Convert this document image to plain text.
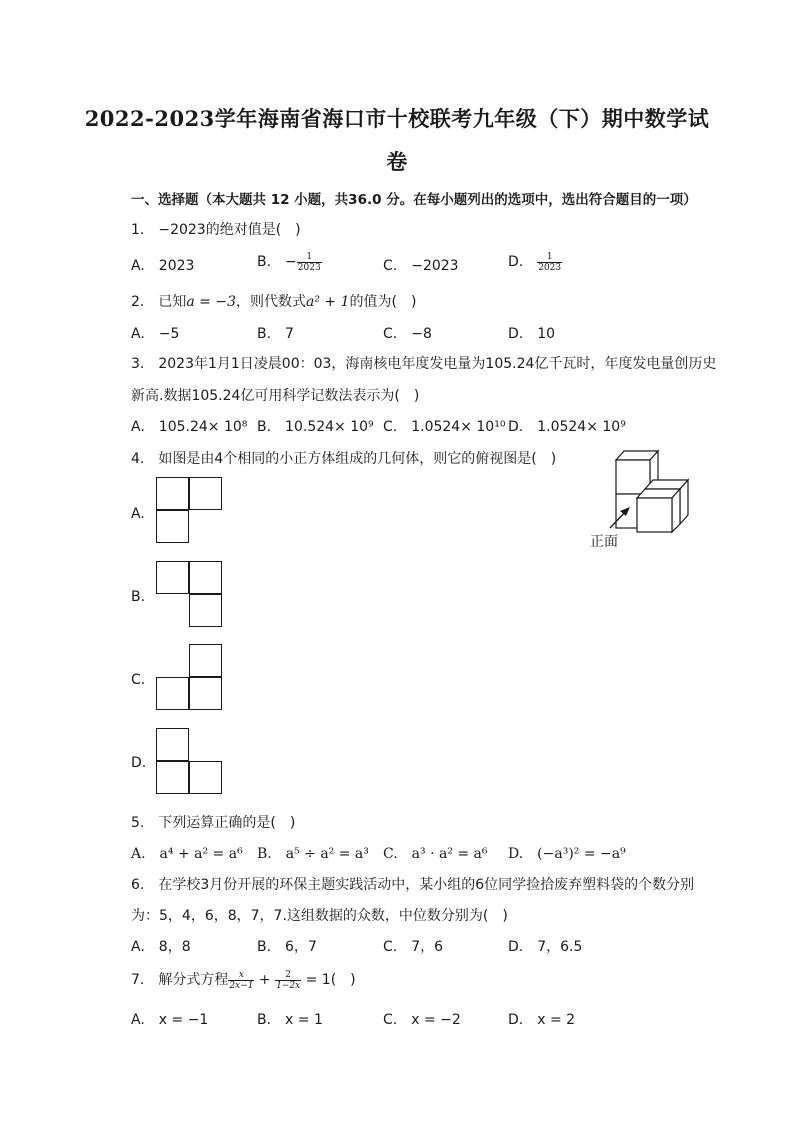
2022-2023学年海南省海口市十校联考九年级（下）期中数学试
卷
一、选择题（本大题共 12 小题，共36.0 分。在每小题列出的选项中，选出符合题目的一项）
1.　−2023的绝对值是(　)
A.　2023	B.　− $\frac{1}{2023}$	C.　−2023	D.　 $\frac{1}{2023}$
2.　已知a = −3，则代数式a² + 1的值为(　)
A.　−5	B.　7	C.　−8	D.　10
3.　2023年1月1日凌晨00：03，海南核电年度发电量为105.24亿千瓦时，年度发电量创历史
新高.数据105.24亿可用科学记数法表示为(　)
A.　105.24× 10⁸ B.　10.524× 10⁹ C.　1.0524× 10¹⁰ D.　1.0524× 10⁹
4.　如图是由4个相同的小正方体组成的几何体，则它的俯视图是(　)
正面
A.
B.
C.
D.
5.　下列运算正确的是(　)
A.　a⁴ + a² = a⁶ B.　a⁵ ÷ a² = a³ C.　a³ · a² = a⁶ D.　(−a³)² = −a⁹
6.　在学校3月份开展的环保主题实践活动中，某小组的6位同学捡拾废弃塑料袋的个数分别
为：5，4，6，8，7，7.这组数据的众数，中位数分别为(　)
A.　8，8	B.　6，7	C.　7，6	D.　7，6.5
7.　解分式方程 $\frac{x}{2x-1} + \frac{2}{1-2x} = 1$(　)
A.　x = −1	B.　x = 1	C.　x = −2	D.　x = 2
